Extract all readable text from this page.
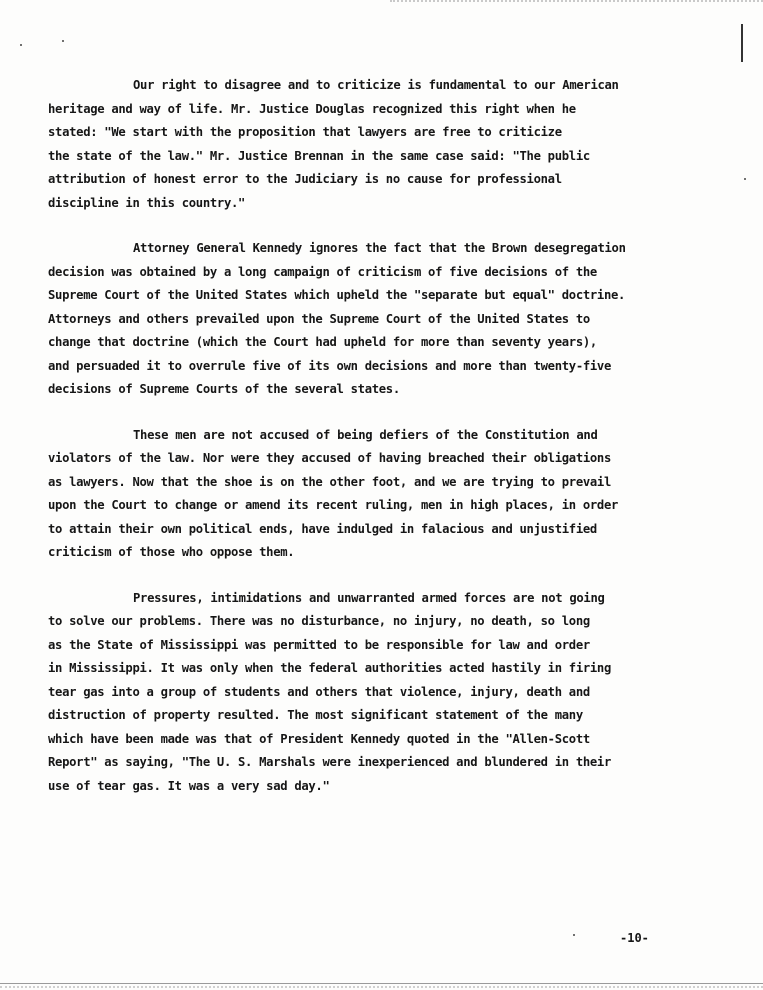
Our right to disagree and to criticize is fundamental to our American
heritage and way of life. Mr. Justice Douglas recognized this right when he
stated: "We start with the proposition that lawyers are free to criticize
the state of the law." Mr. Justice Brennan in the same case said: "The public
attribution of honest error to the Judiciary is no cause for professional
discipline in this country."
Attorney General Kennedy ignores the fact that the Brown desegregation
decision was obtained by a long campaign of criticism of five decisions of the
Supreme Court of the United States which upheld the "separate but equal" doctrine.
Attorneys and others prevailed upon the Supreme Court of the United States to
change that doctrine (which the Court had upheld for more than seventy years),
and persuaded it to overrule five of its own decisions and more than twenty-five
decisions of Supreme Courts of the several states.
These men are not accused of being defiers of the Constitution and
violators of the law. Nor were they accused of having breached their obligations
as lawyers. Now that the shoe is on the other foot, and we are trying to prevail
upon the Court to change or amend its recent ruling, men in high places, in order
to attain their own political ends, have indulged in falacious and unjustified
criticism of those who oppose them.
Pressures, intimidations and unwarranted armed forces are not going
to solve our problems. There was no disturbance, no injury, no death, so long
as the State of Mississippi was permitted to be responsible for law and order
in Mississippi. It was only when the federal authorities acted hastily in firing
tear gas into a group of students and others that violence, injury, death and
distruction of property resulted. The most significant statement of the many
which have been made was that of President Kennedy quoted in the "Allen-Scott
Report" as saying, "The U. S. Marshals were inexperienced and blundered in their
use of tear gas. It was a very sad day."
-10-
